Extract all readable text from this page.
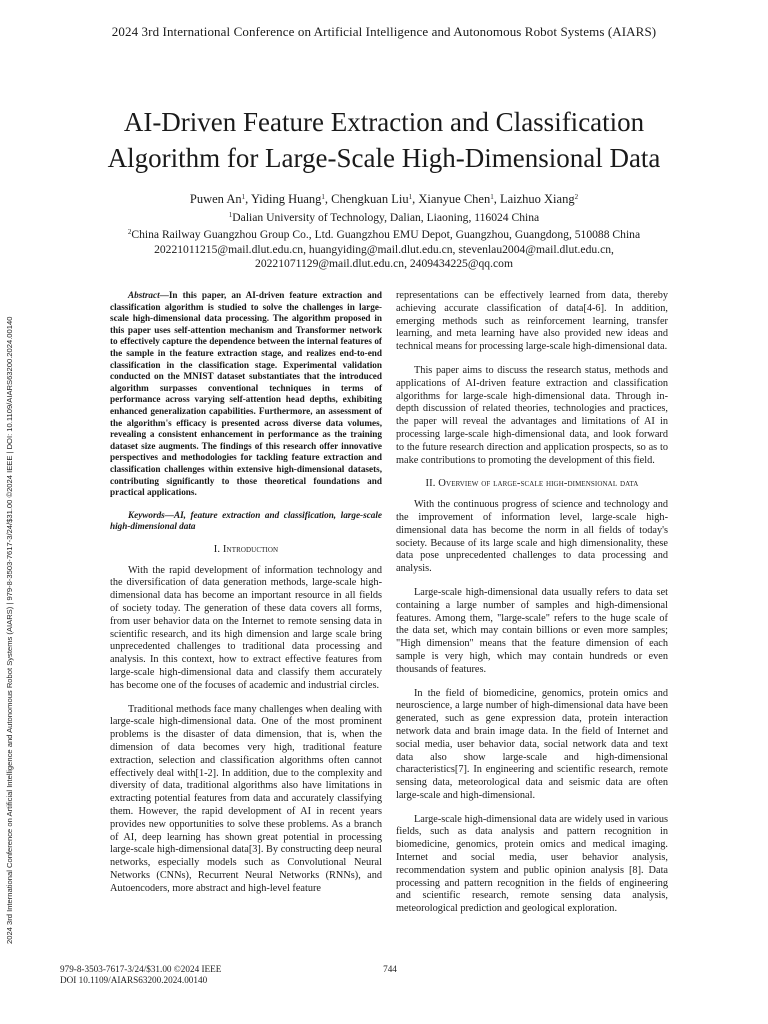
2024 3rd International Conference on Artificial Intelligence and Autonomous Robot Systems (AIARS)
2024 3rd International Conference on Artificial Intelligence and Autonomous Robot Systems (AIARS) | 979-8-3503-7617-3/24/$31.00 ©2024 IEEE | DOI: 10.1109/AIARS63200.2024.00140
AI-Driven Feature Extraction and Classification
Algorithm for Large-Scale High-Dimensional Data
Puwen An$^1$, Yiding Huang$^1$, Chengkuan Liu$^1$, Xianyue Chen$^1$, Laizhuo Xiang$^2$
$^1$Dalian University of Technology, Dalian, Liaoning, 116024 China
$^2$China Railway Guangzhou Group Co., Ltd. Guangzhou EMU Depot, Guangzhou, Guangdong, 510088 China
20221011215@mail.dlut.edu.cn, huangyiding@mail.dlut.edu.cn, stevenlau2004@mail.dlut.edu.cn,
20221071129@mail.dlut.edu.cn, 2409434225@qq.com

Abstract—In this paper, an AI-driven feature extraction and classification algorithm is studied to solve the challenges in large-scale high-dimensional data processing. The algorithm proposed in this paper uses self-attention mechanism and Transformer network to effectively capture the dependence between the internal features of the sample in the feature extraction stage, and realizes end-to-end classification in the classification stage. Experimental validation conducted on the MNIST dataset substantiates that the introduced algorithm surpasses conventional techniques in terms of performance across varying self-attention head depths, exhibiting enhanced generalization capabilities. Furthermore, an assessment of the algorithm's efficacy is presented across diverse data volumes, revealing a consistent enhancement in performance as the training dataset size augments. The findings of this research offer innovative perspectives and methodologies for tackling feature extraction and classification challenges within extensive high-dimensional datasets, contributing significantly to those theoretical foundations and practical applications.

Keywords—AI, feature extraction and classification, large-scale high-dimensional data

I. Introduction

With the rapid development of information technology and the diversification of data generation methods, large-scale high-dimensional data has become an important resource in all fields of society today. The generation of these data covers all forms, from user behavior data on the Internet to remote sensing data in scientific research, and its high dimension and large scale bring unprecedented challenges to traditional data processing and analysis. In this context, how to extract effective features from large-scale high-dimensional data and classify them accurately has become one of the focuses of academic and industrial circles.

Traditional methods face many challenges when dealing with large-scale high-dimensional data. One of the most prominent problems is the disaster of data dimension, that is, when the dimension of data becomes very high, traditional feature extraction, selection and classification algorithms often cannot effectively deal with[1-2]. In addition, due to the complexity and diversity of data, traditional algorithms also have limitations in extracting potential features from data and accurately classifying them. However, the rapid development of AI in recent years provides new opportunities to solve these problems. As a branch of AI, deep learning has shown great potential in processing large-scale high-dimensional data[3]. By constructing deep neural networks, especially models such as Convolutional Neural Networks (CNNs), Recurrent Neural Networks (RNNs), and Autoencoders, more abstract and high-level feature

representations can be effectively learned from data, thereby achieving accurate classification of data[4-6]. In addition, emerging methods such as reinforcement learning, transfer learning, and meta learning have also provided new ideas and technical means for processing large-scale high-dimensional data.

This paper aims to discuss the research status, methods and applications of AI-driven feature extraction and classification algorithms for large-scale high-dimensional data. Through in-depth discussion of related theories, technologies and practices, the paper will reveal the advantages and limitations of AI in processing large-scale high-dimensional data, and look forward to the future research direction and application prospects, so as to make contributions to promoting the development of this field.

II. Overview of large-scale high-dimensional data

With the continuous progress of science and technology and the improvement of information level, large-scale high-dimensional data has become the norm in all fields of today's society. Because of its large scale and high dimensionality, these data pose unprecedented challenges to data processing and analysis.

Large-scale high-dimensional data usually refers to data set containing a large number of samples and high-dimensional features. Among them, "large-scale" refers to the huge scale of the data set, which may contain billions or even more samples; "High dimension" means that the feature dimension of each sample is very high, which may contain hundreds or even thousands of features.

In the field of biomedicine, genomics, protein omics and neuroscience, a large number of high-dimensional data have been generated, such as gene expression data, protein interaction network data and brain image data. In the field of Internet and social media, user behavior data, social network data and text data also show large-scale and high-dimensional characteristics[7]. In engineering and scientific research, remote sensing data, meteorological data and seismic data are often large-scale and high-dimensional.

Large-scale high-dimensional data are widely used in various fields, such as data analysis and pattern recognition in biomedicine, genomics, protein omics and medical imaging. Internet and social media, user behavior analysis, recommendation system and public opinion analysis [8]. Data processing and pattern recognition in the fields of engineering and scientific research, remote sensing data analysis, meteorological prediction and geological exploration.

979-8-3503-7617-3/24/$31.00 ©2024 IEEE
DOI 10.1109/AIARS63200.2024.00140
744
